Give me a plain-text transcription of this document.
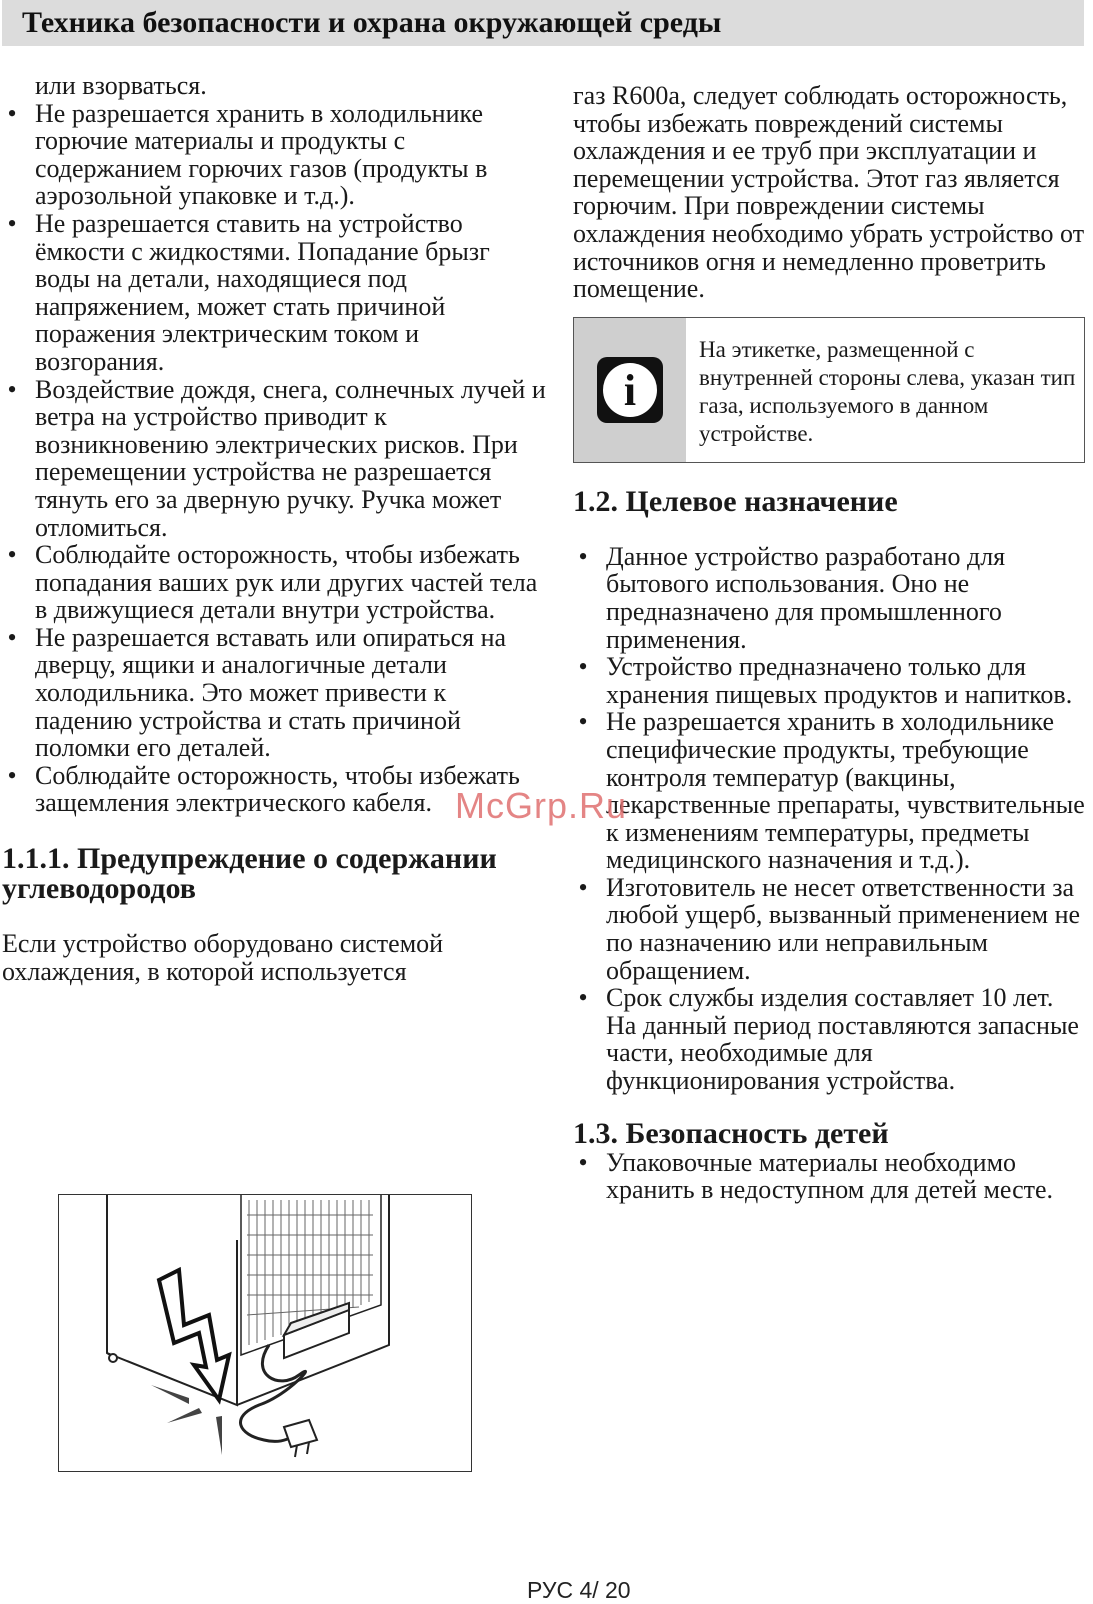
Техника безопасности и охрана окружающей среды

или взорваться.

• Не разрешается хранить в холодильнике горючие материалы и продукты с содержанием горючих газов (продукты в аэрозольной упаковке и т.д.).
• Не разрешается ставить на устройство ёмкости с жидкостями. Попадание брызг воды на детали, находящиеся под напряжением, может стать причиной поражения электрическим током и возгорания.
• Воздействие дождя, снега, солнечных лучей и ветра на устройство приводит к возникновению электрических рисков. При перемещении устройства не разрешается тянуть его за дверную ручку. Ручка может отломиться.
• Соблюдайте осторожность, чтобы избежать попадания ваших рук или других частей тела в движущиеся детали внутри устройства.
• Не разрешается вставать или опираться на дверцу, ящики и аналогичные детали холодильника. Это может привести к падению устройства и стать причиной поломки его деталей.
• Соблюдайте осторожность, чтобы избежать защемления электрического кабеля.
1.1.1. Предупреждение о содержании углеводородов

Если устройство оборудовано системой охлаждения, в которой используется

газ R600a, следует соблюдать осторожность, чтобы избежать повреждений системы охлаждения и ее труб при эксплуатации и перемещении устройства. Этот газ является горючим. При повреждении системы охлаждения необходимо убрать устройство от источников огня и немедленно проветрить помещение.

i
На этикетке, размещенной с внутренней стороны слева, указан тип газа, используемого в данном устройстве.
1.2. Целевое назначение
• Данное устройство разработано для бытового использования. Оно не предназначено для промышленного применения.
• Устройство предназначено только для хранения пищевых продуктов и напитков.
• Не разрешается хранить в холодильнике специфические продукты, требующие контроля температур (вакцины, лекарственные препараты, чувствительные к изменениям температуры, предметы медицинского назначения и т.д.).
• Изготовитель не несет ответственности за любой ущерб, вызванный применением не по назначению или неправильным обращением.
• Срок службы изделия составляет 10 лет. На данный период поставляются запасные части, необходимые для функционирования устройства.
1.3. Безопасность детей
• Упаковочные материалы необходимо хранить в недоступном для детей месте.
McGrp.Ru
РУС 4/ 20
